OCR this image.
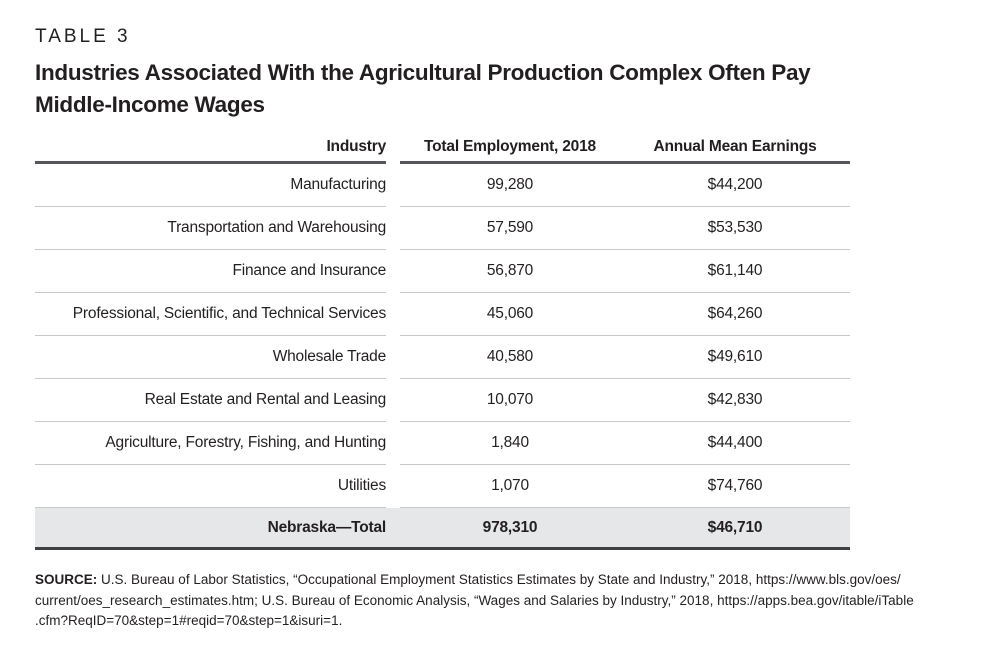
TABLE 3
Industries Associated With the Agricultural Production Complex Often Pay
Middle-Income Wages
Industry	Total Employment, 2018	Annual Mean Earnings
Manufacturing	99,280	$44,200
Transportation and Warehousing	57,590	$53,530
Finance and Insurance	56,870	$61,140
Professional, Scientific, and Technical Services	45,060	$64,260
Wholesale Trade	40,580	$49,610
Real Estate and Rental and Leasing	10,070	$42,830
Agriculture, Forestry, Fishing, and Hunting	1,840	$44,400
Utilities	1,070	$74,760
Nebraska—Total	978,310	$46,710

SOURCE: U.S. Bureau of Labor Statistics, “Occupational Employment Statistics Estimates by State and Industry,” 2018, https://www.bls.gov/oes/
current/oes_research_estimates.htm; U.S. Bureau of Economic Analysis, “Wages and Salaries by Industry,” 2018, https://apps.bea.gov/itable/iTable
.cfm?ReqID=70&step=1#reqid=70&step=1&isuri=1.
